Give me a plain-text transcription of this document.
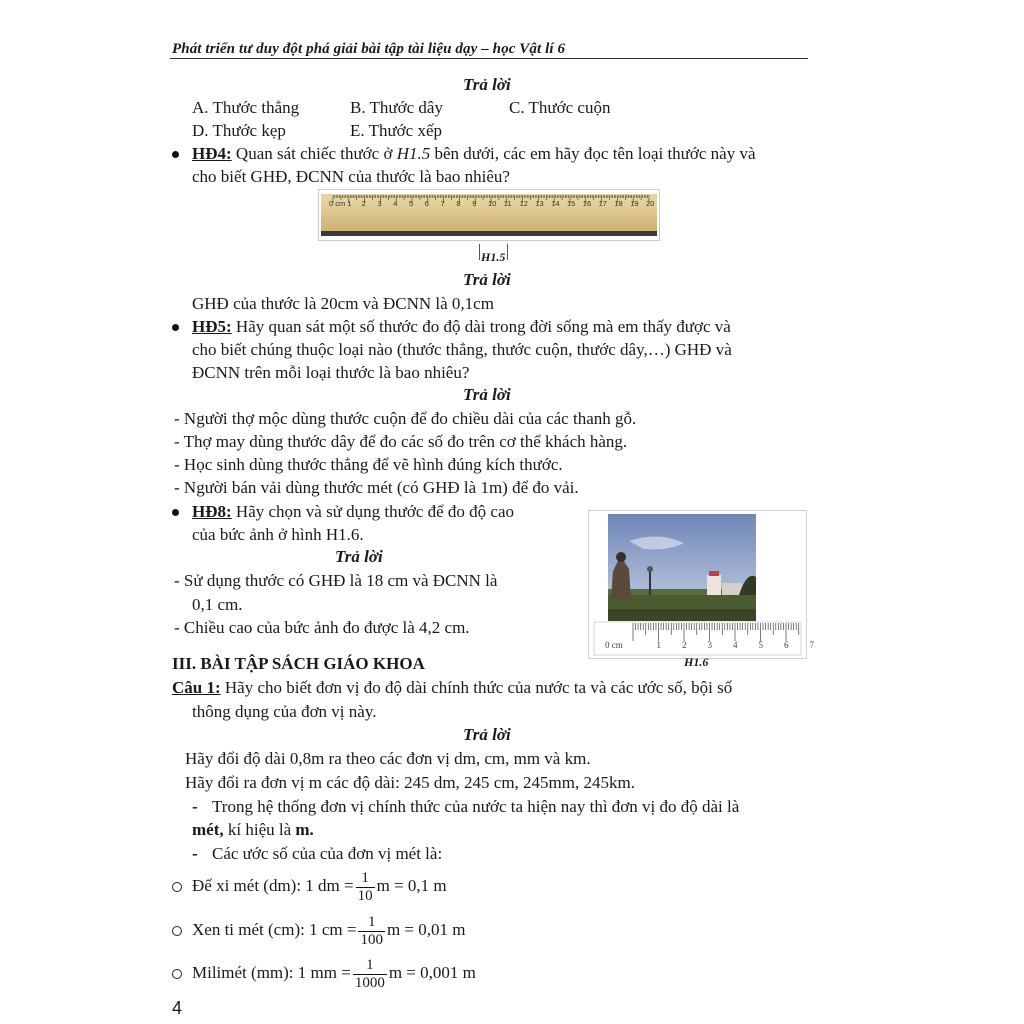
Phát triển tư duy đột phá giải bài tập tài liệu dạy – học Vật lí 6
Trả lời
A. Thước thẳng	B. Thước dây	C. Thước cuộn
D. Thước kẹp	E. Thước xếp
HĐ4: Quan sát chiếc thước ở H1.5 bên dưới, các em hãy đọc tên loại thước này và
cho biết GHĐ, ĐCNN của thước là bao nhiêu?
0 cm 1 2 3 4 5 6 7 8 9 10 11 12 13 14 15 16 17 18 19 20
H1.5
Trả lời
GHĐ của thước là 20cm và ĐCNN là 0,1cm
HĐ5: Hãy quan sát một số thước đo độ dài trong đời sống mà em thấy được và
cho biết chúng thuộc loại nào (thước thẳng, thước cuộn, thước dây,…) GHĐ và
ĐCNN trên mỗi loại thước là bao nhiêu?
Trả lời
- Người thợ mộc dùng thước cuộn để đo chiều dài của các thanh gỗ.
- Thợ may dùng thước dây để đo các số đo trên cơ thể khách hàng.
- Học sinh dùng thước thẳng để vẽ hình đúng kích thước.
- Người bán vải dùng thước mét (có GHĐ là 1m) để đo vải.
HĐ8: Hãy chọn và sử dụng thước để đo độ cao
của bức ảnh ở hình H1.6.
Trả lời
- Sử dụng thước có GHĐ là 18 cm và ĐCNN là
0,1 cm.
- Chiều cao của bức ảnh đo được là 4,2 cm.
0 cm	1 2 3 4 5 6 7
H1.6
III. BÀI TẬP SÁCH GIÁO KHOA
Câu 1: Hãy cho biết đơn vị đo độ dài chính thức của nước ta và các ước số, bội số
thông dụng của đơn vị này.
Trả lời
Hãy đổi độ dài 0,8m ra theo các đơn vị dm, cm, mm và km.
Hãy đổi ra đơn vị m các độ dài: 245 dm, 245 cm, 245mm, 245km.
- Trong hệ thống đơn vị chính thức của nước ta hiện nay thì đơn vị đo độ dài là
mét, kí hiệu là m.
- Các ước số của của đơn vị mét là:
Để xi mét (dm): 1 dm = $\frac{1}{10}$ m = 0,1 m
Xen ti mét (cm): 1 cm = $\frac{1}{100}$ m = 0,01 m
Milimét (mm): 1 mm = $\frac{1}{1000}$ m = 0,001 m
4
